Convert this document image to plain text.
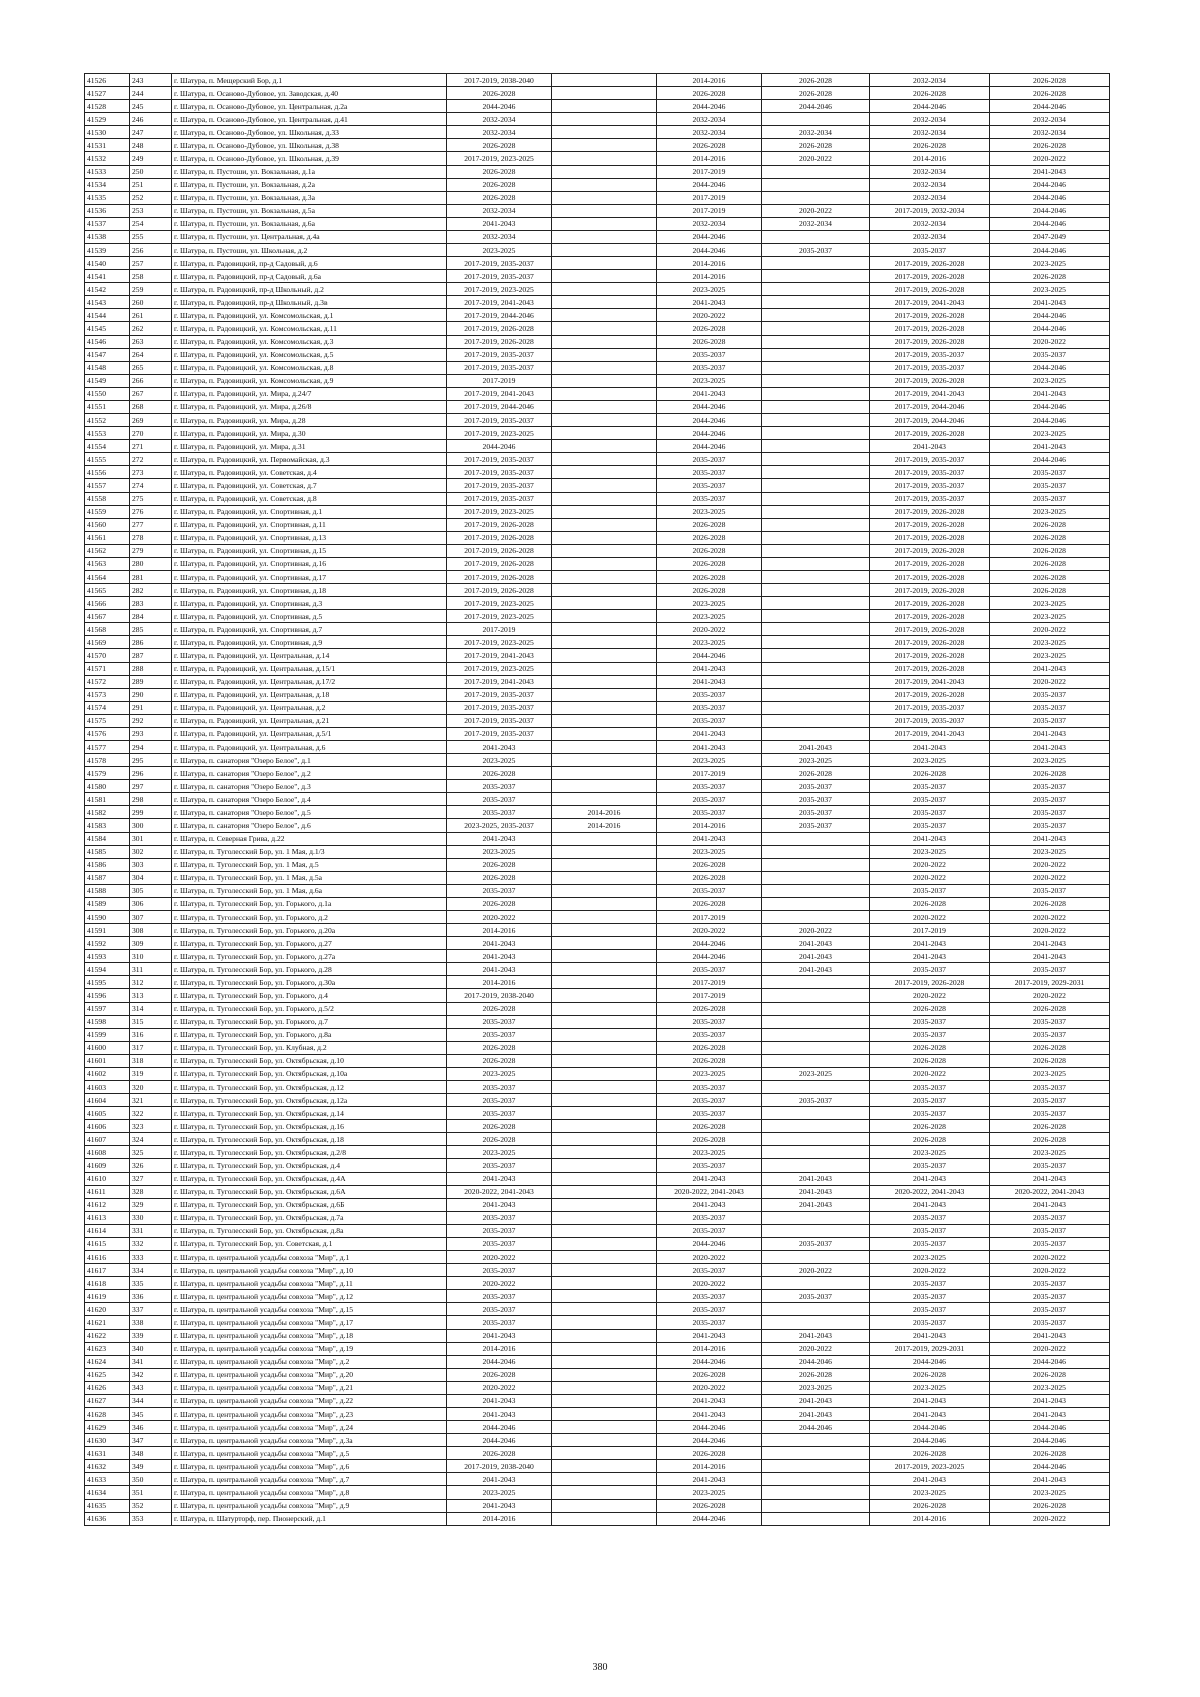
41526	243	г. Шатура, п. Мещерский Бор, д.1	2017-2019, 2038-2040		2014-2016	2026-2028	2032-2034	2026-2028
41527	244	г. Шатура, п. Осаново-Дубовое, ул. Заводская, д.40	2026-2028		2026-2028	2026-2028	2026-2028	2026-2028
41528	245	г. Шатура, п. Осаново-Дубовое, ул. Центральная, д.2а	2044-2046		2044-2046	2044-2046	2044-2046	2044-2046
41529	246	г. Шатура, п. Осаново-Дубовое, ул. Центральная, д.41	2032-2034		2032-2034		2032-2034	2032-2034
41530	247	г. Шатура, п. Осаново-Дубовое, ул. Школьная, д.33	2032-2034		2032-2034	2032-2034	2032-2034	2032-2034
41531	248	г. Шатура, п. Осаново-Дубовое, ул. Школьная, д.38	2026-2028		2026-2028	2026-2028	2026-2028	2026-2028
41532	249	г. Шатура, п. Осаново-Дубовое, ул. Школьная, д.39	2017-2019, 2023-2025		2014-2016	2020-2022	2014-2016	2020-2022
41533	250	г. Шатура, п. Пустоши, ул. Вокзальная, д.1а	2026-2028		2017-2019		2032-2034	2041-2043
41534	251	г. Шатура, п. Пустоши, ул. Вокзальная, д.2а	2026-2028		2044-2046		2032-2034	2044-2046
41535	252	г. Шатура, п. Пустоши, ул. Вокзальная, д.3а	2026-2028		2017-2019		2032-2034	2044-2046
41536	253	г. Шатура, п. Пустоши, ул. Вокзальная, д.5а	2032-2034		2017-2019	2020-2022	2017-2019, 2032-2034	2044-2046
41537	254	г. Шатура, п. Пустоши, ул. Вокзальная, д.6а	2041-2043		2032-2034	2032-2034	2032-2034	2044-2046
41538	255	г. Шатура, п. Пустоши, ул. Центральная, д.4а	2032-2034		2044-2046		2032-2034	2047-2049
41539	256	г. Шатура, п. Пустоши, ул. Школьная, д.2	2023-2025		2044-2046	2035-2037	2035-2037	2044-2046
41540	257	г. Шатура, п. Радовицкий, пр-д Садовый, д.6	2017-2019, 2035-2037		2014-2016		2017-2019, 2026-2028	2023-2025
41541	258	г. Шатура, п. Радовицкий, пр-д Садовый, д.6а	2017-2019, 2035-2037		2014-2016		2017-2019, 2026-2028	2026-2028
41542	259	г. Шатура, п. Радовицкий, пр-д Школьный, д.2	2017-2019, 2023-2025		2023-2025		2017-2019, 2026-2028	2023-2025
41543	260	г. Шатура, п. Радовицкий, пр-д Школьный, д.3в	2017-2019, 2041-2043		2041-2043		2017-2019, 2041-2043	2041-2043
41544	261	г. Шатура, п. Радовицкий, ул. Комсомольская, д.1	2017-2019, 2044-2046		2020-2022		2017-2019, 2026-2028	2044-2046
41545	262	г. Шатура, п. Радовицкий, ул. Комсомольская, д.11	2017-2019, 2026-2028		2026-2028		2017-2019, 2026-2028	2044-2046
41546	263	г. Шатура, п. Радовицкий, ул. Комсомольская, д.3	2017-2019, 2026-2028		2026-2028		2017-2019, 2026-2028	2020-2022
41547	264	г. Шатура, п. Радовицкий, ул. Комсомольская, д.5	2017-2019, 2035-2037		2035-2037		2017-2019, 2035-2037	2035-2037
41548	265	г. Шатура, п. Радовицкий, ул. Комсомольская, д.8	2017-2019, 2035-2037		2035-2037		2017-2019, 2035-2037	2044-2046
41549	266	г. Шатура, п. Радовицкий, ул. Комсомольская, д.9	2017-2019		2023-2025		2017-2019, 2026-2028	2023-2025
41550	267	г. Шатура, п. Радовицкий, ул. Мира, д.24/7	2017-2019, 2041-2043		2041-2043		2017-2019, 2041-2043	2041-2043
41551	268	г. Шатура, п. Радовицкий, ул. Мира, д.26/8	2017-2019, 2044-2046		2044-2046		2017-2019, 2044-2046	2044-2046
41552	269	г. Шатура, п. Радовицкий, ул. Мира, д.28	2017-2019, 2035-2037		2044-2046		2017-2019, 2044-2046	2044-2046
41553	270	г. Шатура, п. Радовицкий, ул. Мира, д.30	2017-2019, 2023-2025		2044-2046		2017-2019, 2026-2028	2023-2025
41554	271	г. Шатура, п. Радовицкий, ул. Мира, д.31	2044-2046		2044-2046		2041-2043	2041-2043
41555	272	г. Шатура, п. Радовицкий, ул. Первомайская, д.3	2017-2019, 2035-2037		2035-2037		2017-2019, 2035-2037	2044-2046
41556	273	г. Шатура, п. Радовицкий, ул. Советская, д.4	2017-2019, 2035-2037		2035-2037		2017-2019, 2035-2037	2035-2037
41557	274	г. Шатура, п. Радовицкий, ул. Советская, д.7	2017-2019, 2035-2037		2035-2037		2017-2019, 2035-2037	2035-2037
41558	275	г. Шатура, п. Радовицкий, ул. Советская, д.8	2017-2019, 2035-2037		2035-2037		2017-2019, 2035-2037	2035-2037
41559	276	г. Шатура, п. Радовицкий, ул. Спортивная, д.1	2017-2019, 2023-2025		2023-2025		2017-2019, 2026-2028	2023-2025
41560	277	г. Шатура, п. Радовицкий, ул. Спортивная, д.11	2017-2019, 2026-2028		2026-2028		2017-2019, 2026-2028	2026-2028
41561	278	г. Шатура, п. Радовицкий, ул. Спортивная, д.13	2017-2019, 2026-2028		2026-2028		2017-2019, 2026-2028	2026-2028
41562	279	г. Шатура, п. Радовицкий, ул. Спортивная, д.15	2017-2019, 2026-2028		2026-2028		2017-2019, 2026-2028	2026-2028
41563	280	г. Шатура, п. Радовицкий, ул. Спортивная, д.16	2017-2019, 2026-2028		2026-2028		2017-2019, 2026-2028	2026-2028
41564	281	г. Шатура, п. Радовицкий, ул. Спортивная, д.17	2017-2019, 2026-2028		2026-2028		2017-2019, 2026-2028	2026-2028
41565	282	г. Шатура, п. Радовицкий, ул. Спортивная, д.18	2017-2019, 2026-2028		2026-2028		2017-2019, 2026-2028	2026-2028
41566	283	г. Шатура, п. Радовицкий, ул. Спортивная, д.3	2017-2019, 2023-2025		2023-2025		2017-2019, 2026-2028	2023-2025
41567	284	г. Шатура, п. Радовицкий, ул. Спортивная, д.5	2017-2019, 2023-2025		2023-2025		2017-2019, 2026-2028	2023-2025
41568	285	г. Шатура, п. Радовицкий, ул. Спортивная, д.7	2017-2019		2020-2022		2017-2019, 2026-2028	2020-2022
41569	286	г. Шатура, п. Радовицкий, ул. Спортивная, д.9	2017-2019, 2023-2025		2023-2025		2017-2019, 2026-2028	2023-2025
41570	287	г. Шатура, п. Радовицкий, ул. Центральная, д.14	2017-2019, 2041-2043		2044-2046		2017-2019, 2026-2028	2023-2025
41571	288	г. Шатура, п. Радовицкий, ул. Центральная, д.15/1	2017-2019, 2023-2025		2041-2043		2017-2019, 2026-2028	2041-2043
41572	289	г. Шатура, п. Радовицкий, ул. Центральная, д.17/2	2017-2019, 2041-2043		2041-2043		2017-2019, 2041-2043	2020-2022
41573	290	г. Шатура, п. Радовицкий, ул. Центральная, д.18	2017-2019, 2035-2037		2035-2037		2017-2019, 2026-2028	2035-2037
41574	291	г. Шатура, п. Радовицкий, ул. Центральная, д.2	2017-2019, 2035-2037		2035-2037		2017-2019, 2035-2037	2035-2037
41575	292	г. Шатура, п. Радовицкий, ул. Центральная, д.21	2017-2019, 2035-2037		2035-2037		2017-2019, 2035-2037	2035-2037
41576	293	г. Шатура, п. Радовицкий, ул. Центральная, д.5/1	2017-2019, 2035-2037		2041-2043		2017-2019, 2041-2043	2041-2043
41577	294	г. Шатура, п. Радовицкий, ул. Центральная, д.6	2041-2043		2041-2043	2041-2043	2041-2043	2041-2043
41578	295	г. Шатура, п. санатория "Озеро Белое", д.1	2023-2025		2023-2025	2023-2025	2023-2025	2023-2025
41579	296	г. Шатура, п. санатория "Озеро Белое", д.2	2026-2028		2017-2019	2026-2028	2026-2028	2026-2028
41580	297	г. Шатура, п. санатория "Озеро Белое", д.3	2035-2037		2035-2037	2035-2037	2035-2037	2035-2037
41581	298	г. Шатура, п. санатория "Озеро Белое", д.4	2035-2037		2035-2037	2035-2037	2035-2037	2035-2037
41582	299	г. Шатура, п. санатория "Озеро Белое", д.5	2035-2037	2014-2016	2035-2037	2035-2037	2035-2037	2035-2037
41583	300	г. Шатура, п. санатория "Озеро Белое", д.6	2023-2025, 2035-2037	2014-2016	2014-2016	2035-2037	2035-2037	2035-2037
41584	301	г. Шатура, п. Северная Грива, д.22	2041-2043		2041-2043		2041-2043	2041-2043
41585	302	г. Шатура, п. Туголесский Бор, ул. 1 Мая, д.1/3	2023-2025		2023-2025		2023-2025	2023-2025
41586	303	г. Шатура, п. Туголесский Бор, ул. 1 Мая, д.5	2026-2028		2026-2028		2020-2022	2020-2022
41587	304	г. Шатура, п. Туголесский Бор, ул. 1 Мая, д.5а	2026-2028		2026-2028		2020-2022	2020-2022
41588	305	г. Шатура, п. Туголесский Бор, ул. 1 Мая, д.6а	2035-2037		2035-2037		2035-2037	2035-2037
41589	306	г. Шатура, п. Туголесский Бор, ул. Горького, д.1а	2026-2028		2026-2028		2026-2028	2026-2028
41590	307	г. Шатура, п. Туголесский Бор, ул. Горького, д.2	2020-2022		2017-2019		2020-2022	2020-2022
41591	308	г. Шатура, п. Туголесский Бор, ул. Горького, д.20а	2014-2016		2020-2022	2020-2022	2017-2019	2020-2022
41592	309	г. Шатура, п. Туголесский Бор, ул. Горького, д.27	2041-2043		2044-2046	2041-2043	2041-2043	2041-2043
41593	310	г. Шатура, п. Туголесский Бор, ул. Горького, д.27а	2041-2043		2044-2046	2041-2043	2041-2043	2041-2043
41594	311	г. Шатура, п. Туголесский Бор, ул. Горького, д.28	2041-2043		2035-2037	2041-2043	2035-2037	2035-2037
41595	312	г. Шатура, п. Туголесский Бор, ул. Горького, д.30а	2014-2016		2017-2019		2017-2019, 2026-2028	2017-2019, 2029-2031
41596	313	г. Шатура, п. Туголесский Бор, ул. Горького, д.4	2017-2019, 2038-2040		2017-2019		2020-2022	2020-2022
41597	314	г. Шатура, п. Туголесский Бор, ул. Горького, д.5/2	2026-2028		2026-2028		2026-2028	2026-2028
41598	315	г. Шатура, п. Туголесский Бор, ул. Горького, д.7	2035-2037		2035-2037		2035-2037	2035-2037
41599	316	г. Шатура, п. Туголесский Бор, ул. Горького, д.8а	2035-2037		2035-2037		2035-2037	2035-2037
41600	317	г. Шатура, п. Туголесский Бор, ул. Клубная, д.2	2026-2028		2026-2028		2026-2028	2026-2028
41601	318	г. Шатура, п. Туголесский Бор, ул. Октябрьская, д.10	2026-2028		2026-2028		2026-2028	2026-2028
41602	319	г. Шатура, п. Туголесский Бор, ул. Октябрьская, д.10а	2023-2025		2023-2025	2023-2025	2020-2022	2023-2025
41603	320	г. Шатура, п. Туголесский Бор, ул. Октябрьская, д.12	2035-2037		2035-2037		2035-2037	2035-2037
41604	321	г. Шатура, п. Туголесский Бор, ул. Октябрьская, д.12а	2035-2037		2035-2037	2035-2037	2035-2037	2035-2037
41605	322	г. Шатура, п. Туголесский Бор, ул. Октябрьская, д.14	2035-2037		2035-2037		2035-2037	2035-2037
41606	323	г. Шатура, п. Туголесский Бор, ул. Октябрьская, д.16	2026-2028		2026-2028		2026-2028	2026-2028
41607	324	г. Шатура, п. Туголесский Бор, ул. Октябрьская, д.18	2026-2028		2026-2028		2026-2028	2026-2028
41608	325	г. Шатура, п. Туголесский Бор, ул. Октябрьская, д.2/8	2023-2025		2023-2025		2023-2025	2023-2025
41609	326	г. Шатура, п. Туголесский Бор, ул. Октябрьская, д.4	2035-2037		2035-2037		2035-2037	2035-2037
41610	327	г. Шатура, п. Туголесский Бор, ул. Октябрьская, д.4А	2041-2043		2041-2043	2041-2043	2041-2043	2041-2043
41611	328	г. Шатура, п. Туголесский Бор, ул. Октябрьская, д.6А	2020-2022, 2041-2043		2020-2022, 2041-2043	2041-2043	2020-2022, 2041-2043	2020-2022, 2041-2043
41612	329	г. Шатура, п. Туголесский Бор, ул. Октябрьская, д.6Б	2041-2043		2041-2043	2041-2043	2041-2043	2041-2043
41613	330	г. Шатура, п. Туголесский Бор, ул. Октябрьская, д.7а	2035-2037		2035-2037		2035-2037	2035-2037
41614	331	г. Шатура, п. Туголесский Бор, ул. Октябрьская, д.8а	2035-2037		2035-2037		2035-2037	2035-2037
41615	332	г. Шатура, п. Туголесский Бор, ул. Советская, д.1	2035-2037		2044-2046	2035-2037	2035-2037	2035-2037
41616	333	г. Шатура, п. центральной усадьбы совхоза "Мир", д.1	2020-2022		2020-2022		2023-2025	2020-2022
41617	334	г. Шатура, п. центральной усадьбы совхоза "Мир", д.10	2035-2037		2035-2037	2020-2022	2020-2022	2020-2022
41618	335	г. Шатура, п. центральной усадьбы совхоза "Мир", д.11	2020-2022		2020-2022		2035-2037	2035-2037
41619	336	г. Шатура, п. центральной усадьбы совхоза "Мир", д.12	2035-2037		2035-2037	2035-2037	2035-2037	2035-2037
41620	337	г. Шатура, п. центральной усадьбы совхоза "Мир", д.15	2035-2037		2035-2037		2035-2037	2035-2037
41621	338	г. Шатура, п. центральной усадьбы совхоза "Мир", д.17	2035-2037		2035-2037		2035-2037	2035-2037
41622	339	г. Шатура, п. центральной усадьбы совхоза "Мир", д.18	2041-2043		2041-2043	2041-2043	2041-2043	2041-2043
41623	340	г. Шатура, п. центральной усадьбы совхоза "Мир", д.19	2014-2016		2014-2016	2020-2022	2017-2019, 2029-2031	2020-2022
41624	341	г. Шатура, п. центральной усадьбы совхоза "Мир", д.2	2044-2046		2044-2046	2044-2046	2044-2046	2044-2046
41625	342	г. Шатура, п. центральной усадьбы совхоза "Мир", д.20	2026-2028		2026-2028	2026-2028	2026-2028	2026-2028
41626	343	г. Шатура, п. центральной усадьбы совхоза "Мир", д.21	2020-2022		2020-2022	2023-2025	2023-2025	2023-2025
41627	344	г. Шатура, п. центральной усадьбы совхоза "Мир", д.22	2041-2043		2041-2043	2041-2043	2041-2043	2041-2043
41628	345	г. Шатура, п. центральной усадьбы совхоза "Мир", д.23	2041-2043		2041-2043	2041-2043	2041-2043	2041-2043
41629	346	г. Шатура, п. центральной усадьбы совхоза "Мир", д.24	2044-2046		2044-2046	2044-2046	2044-2046	2044-2046
41630	347	г. Шатура, п. центральной усадьбы совхоза "Мир", д.3а	2044-2046		2044-2046		2044-2046	2044-2046
41631	348	г. Шатура, п. центральной усадьбы совхоза "Мир", д.5	2026-2028		2026-2028		2026-2028	2026-2028
41632	349	г. Шатура, п. центральной усадьбы совхоза "Мир", д.6	2017-2019, 2038-2040		2014-2016		2017-2019, 2023-2025	2044-2046
41633	350	г. Шатура, п. центральной усадьбы совхоза "Мир", д.7	2041-2043		2041-2043		2041-2043	2041-2043
41634	351	г. Шатура, п. центральной усадьбы совхоза "Мир", д.8	2023-2025		2023-2025		2023-2025	2023-2025
41635	352	г. Шатура, п. центральной усадьбы совхоза "Мир", д.9	2041-2043		2026-2028		2026-2028	2026-2028
41636	353	г. Шатура, п. Шатурторф, пер. Пионерский, д.1	2014-2016		2044-2046		2014-2016	2020-2022
380
